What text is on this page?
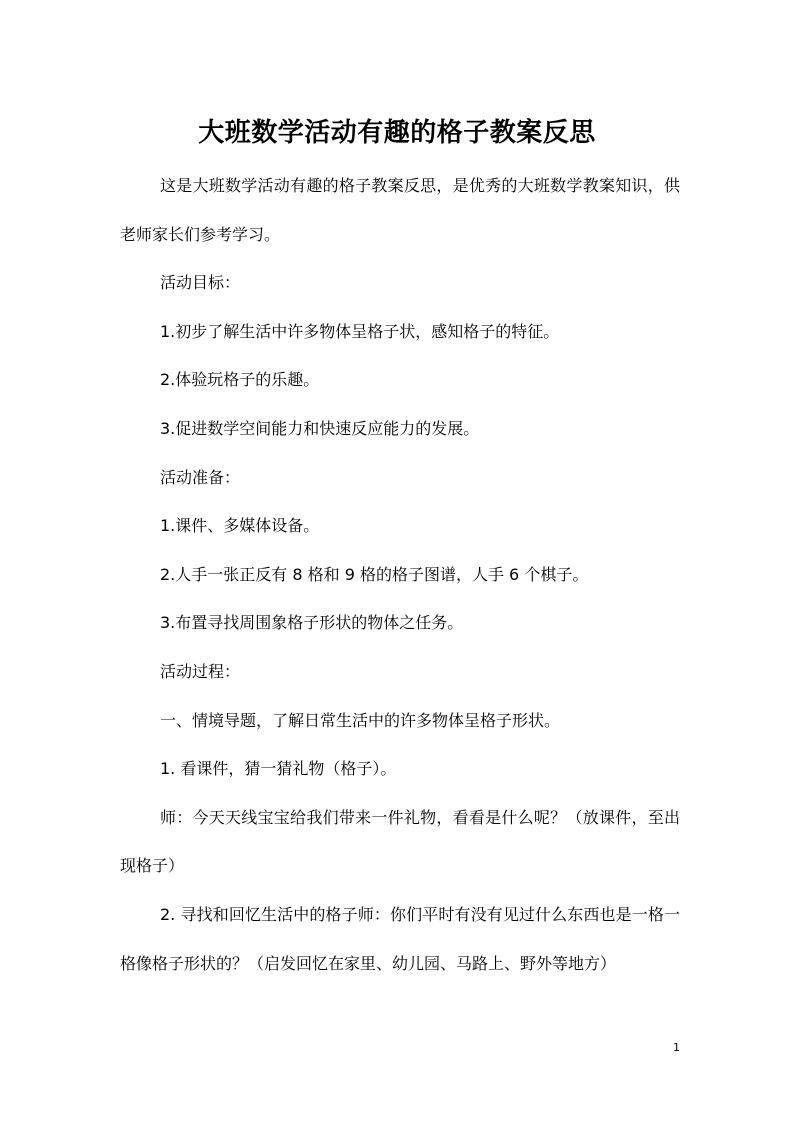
大班数学活动有趣的格子教案反思

这是大班数学活动有趣的格子教案反思，是优秀的大班数学教案知识，供老师家长们参考学习。

活动目标：

1.初步了解生活中许多物体呈格子状，感知格子的特征。

2.体验玩格子的乐趣。

3.促进数学空间能力和快速反应能力的发展。

活动准备：

1.课件、多媒体设备。

2.人手一张正反有 8 格和 9 格的格子图谱，人手 6 个棋子。

3.布置寻找周围象格子形状的物体之任务。

活动过程：

一、情境导题，了解日常生活中的许多物体呈格子形状。

1. 看课件，猜一猜礼物（格子）。

师：今天天线宝宝给我们带来一件礼物，看看是什么呢？（放课件，至出现格子）

2. 寻找和回忆生活中的格子师：你们平时有没有见过什么东西也是一格一格像格子形状的？（启发回忆在家里、幼儿园、马路上、野外等地方）

1
